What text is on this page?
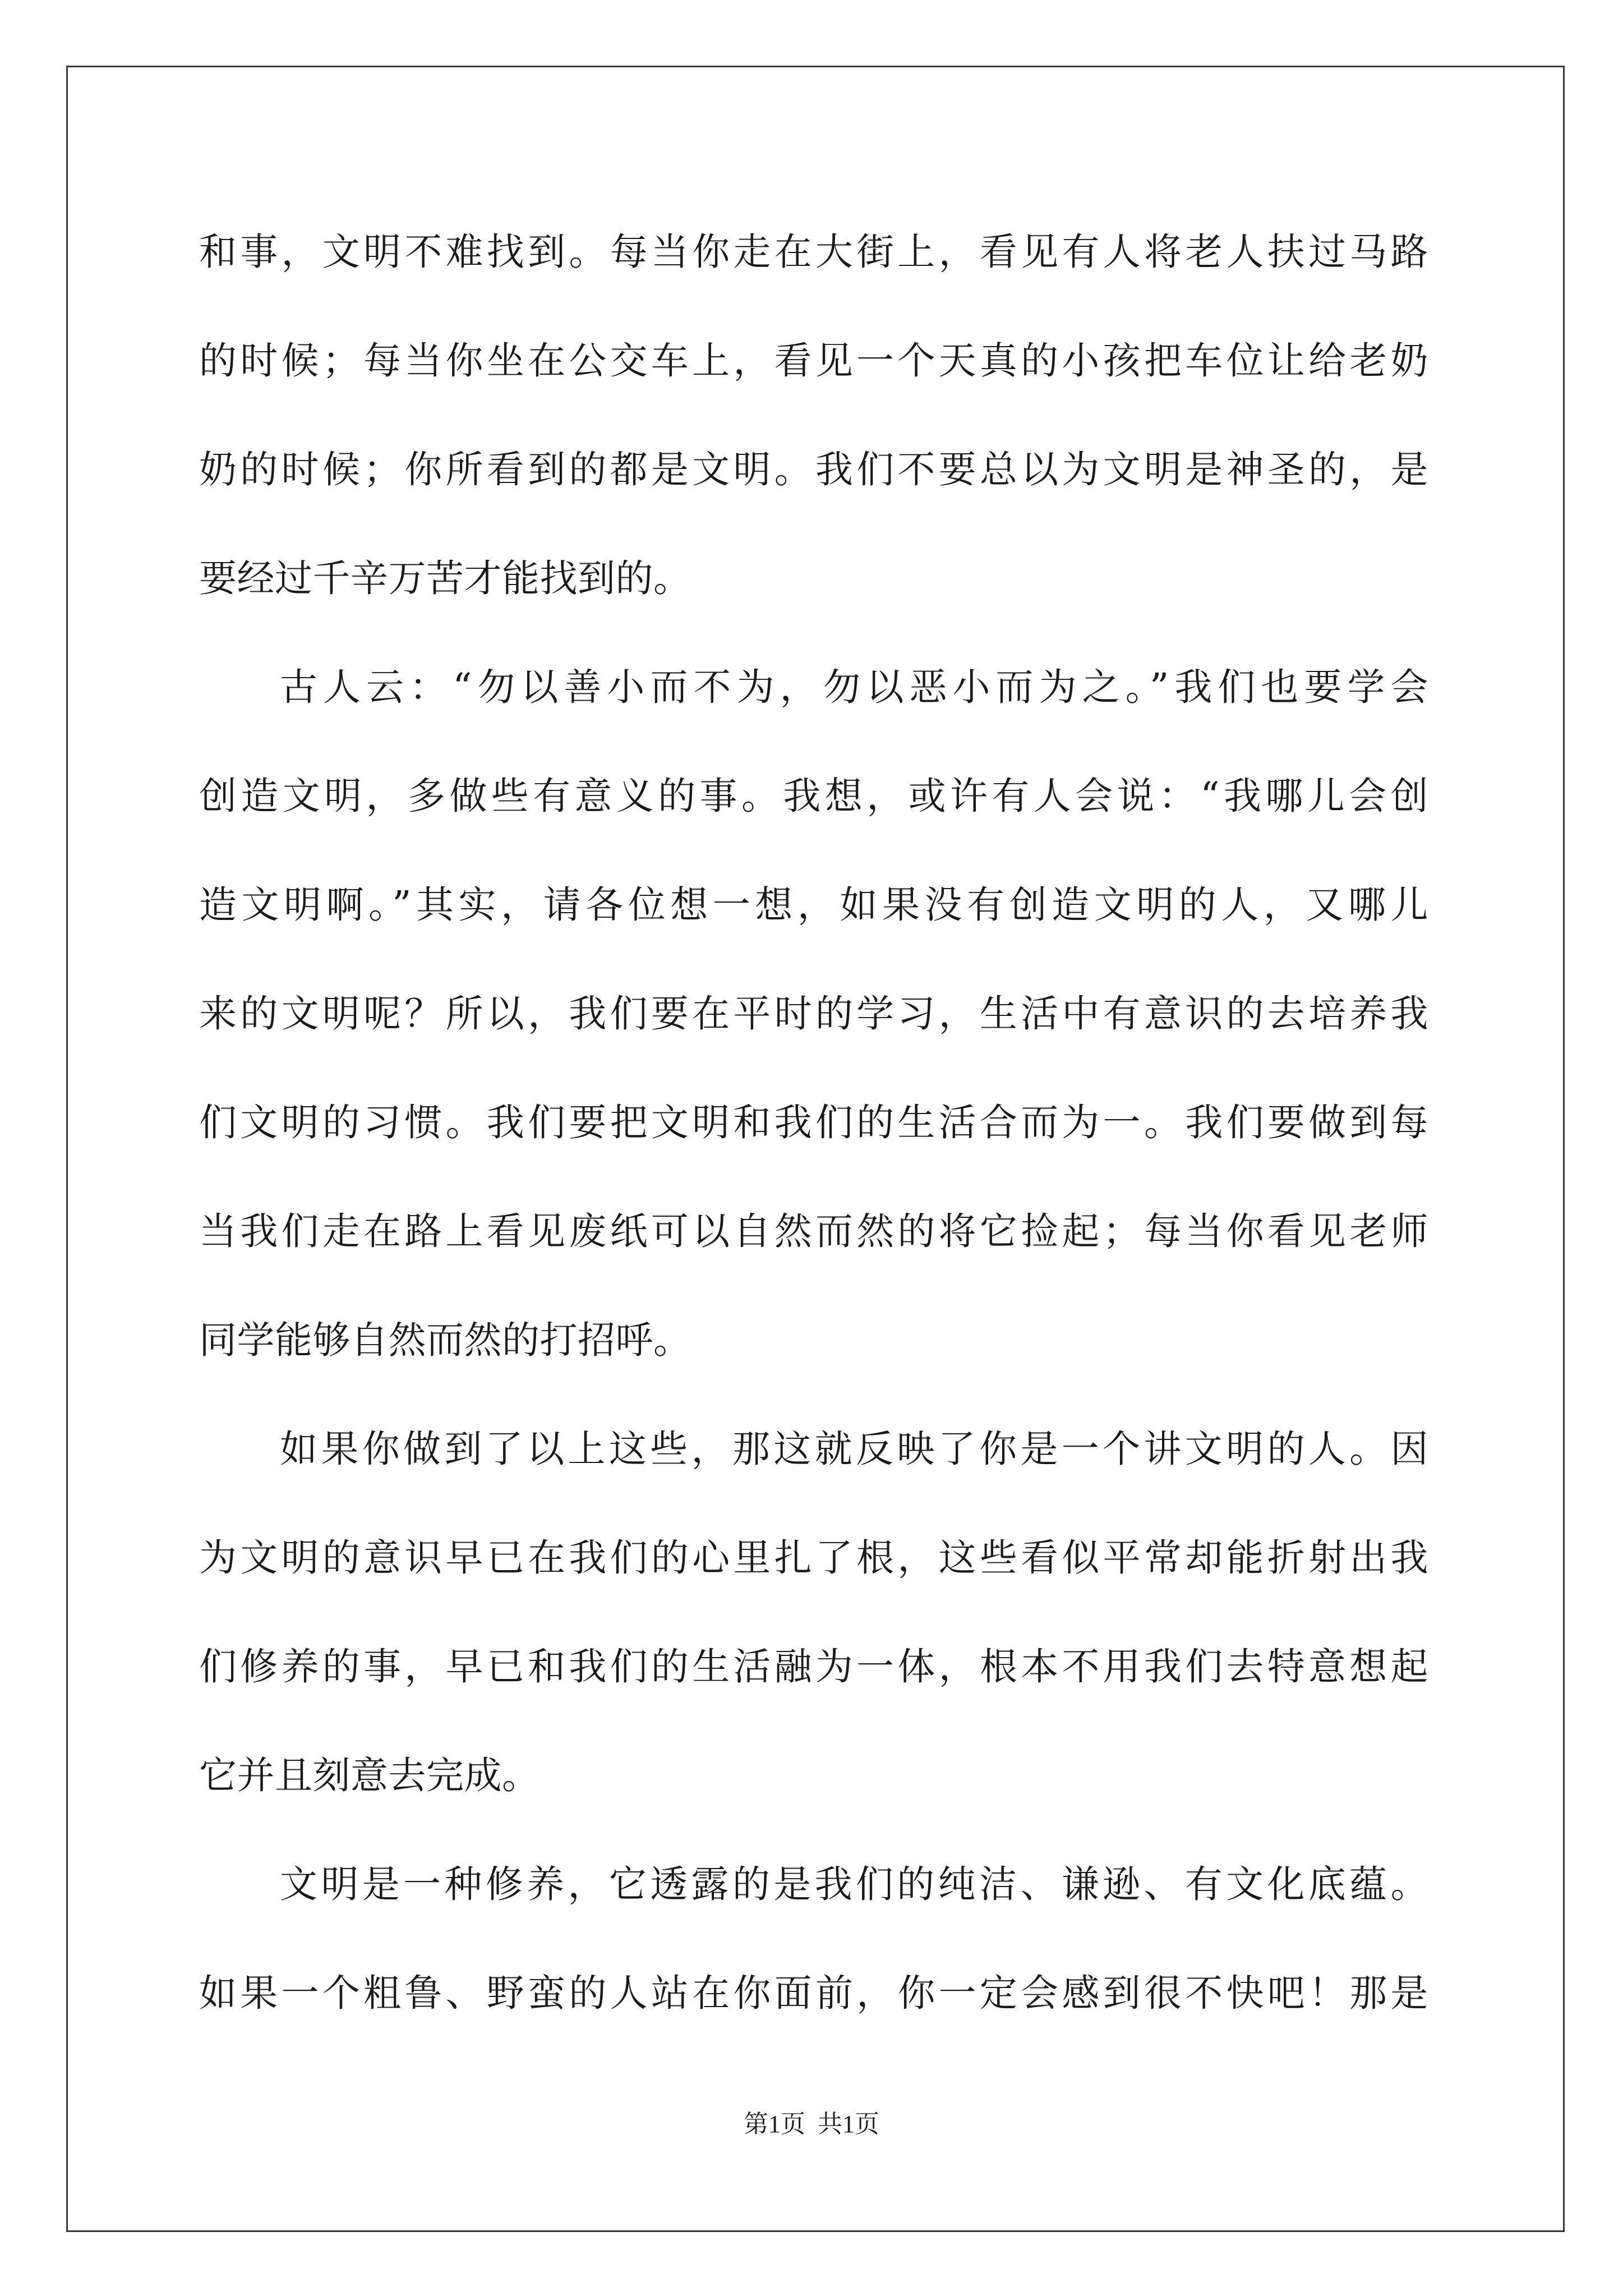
和事，文明不难找到。每当你走在大街上，看见有人将老人扶过马路
的时候；每当你坐在公交车上，看见一个天真的小孩把车位让给老奶
奶的时候；你所看到的都是文明。我们不要总以为文明是神圣的，是
要经过千辛万苦才能找到的。
古人云：“勿以善小而不为，勿以恶小而为之。”我们也要学会
创造文明，多做些有意义的事。我想，或许有人会说：“我哪儿会创
造文明啊。”其实，请各位想一想，如果没有创造文明的人，又哪儿
来的文明呢？所以，我们要在平时的学习，生活中有意识的去培养我
们文明的习惯。我们要把文明和我们的生活合而为一。我们要做到每
当我们走在路上看见废纸可以自然而然的将它捡起；每当你看见老师
同学能够自然而然的打招呼。
如果你做到了以上这些，那这就反映了你是一个讲文明的人。因
为文明的意识早已在我们的心里扎了根，这些看似平常却能折射出我
们修养的事，早已和我们的生活融为一体，根本不用我们去特意想起
它并且刻意去完成。
文明是一种修养，它透露的是我们的纯洁、谦逊、有文化底蕴。
如果一个粗鲁、野蛮的人站在你面前，你一定会感到很不快吧！那是
第1页  共1页
